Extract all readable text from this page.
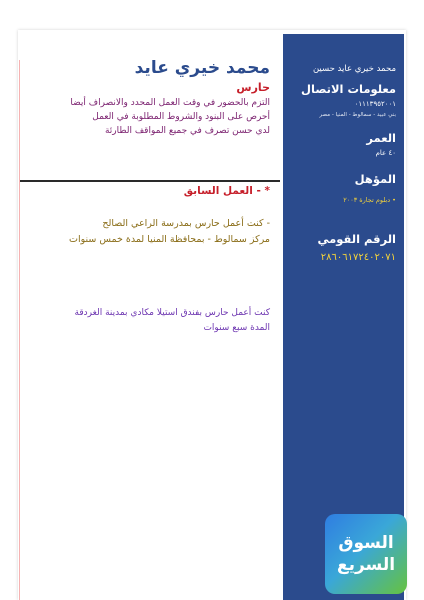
محمد خيري عايد حسين
معلومات الاتصال
٠١١١٣٩٥٢٠٠١
بني عبيد - سمالوط - المنيا - مصر
العمر
٤٠ عام
المؤهل
• دبلوم تجارة ٢٠٠٣
الرقم القومي
٢٨٦٠٦١٧٢٤٠٢٠٧١
محمد خيري عايد
حارس
التزم بالحضور في وقت العمل المحدد والانصراف أيضا
أحرص على البنود والشروط المطلوبة في العمل
لدي حسن تصرف في جميع المواقف الطارئة
* - العمل السابق
- كنت أعمل حارس بمدرسة الراعي الصالح
مركز سمالوط - بمحافظة المنيا لمدة خمس سنوات
كنت أعمل حارس بفندق استيلا مكادي بمدينة الغردقة
المدة سبع سنوات
السوق
السريع
